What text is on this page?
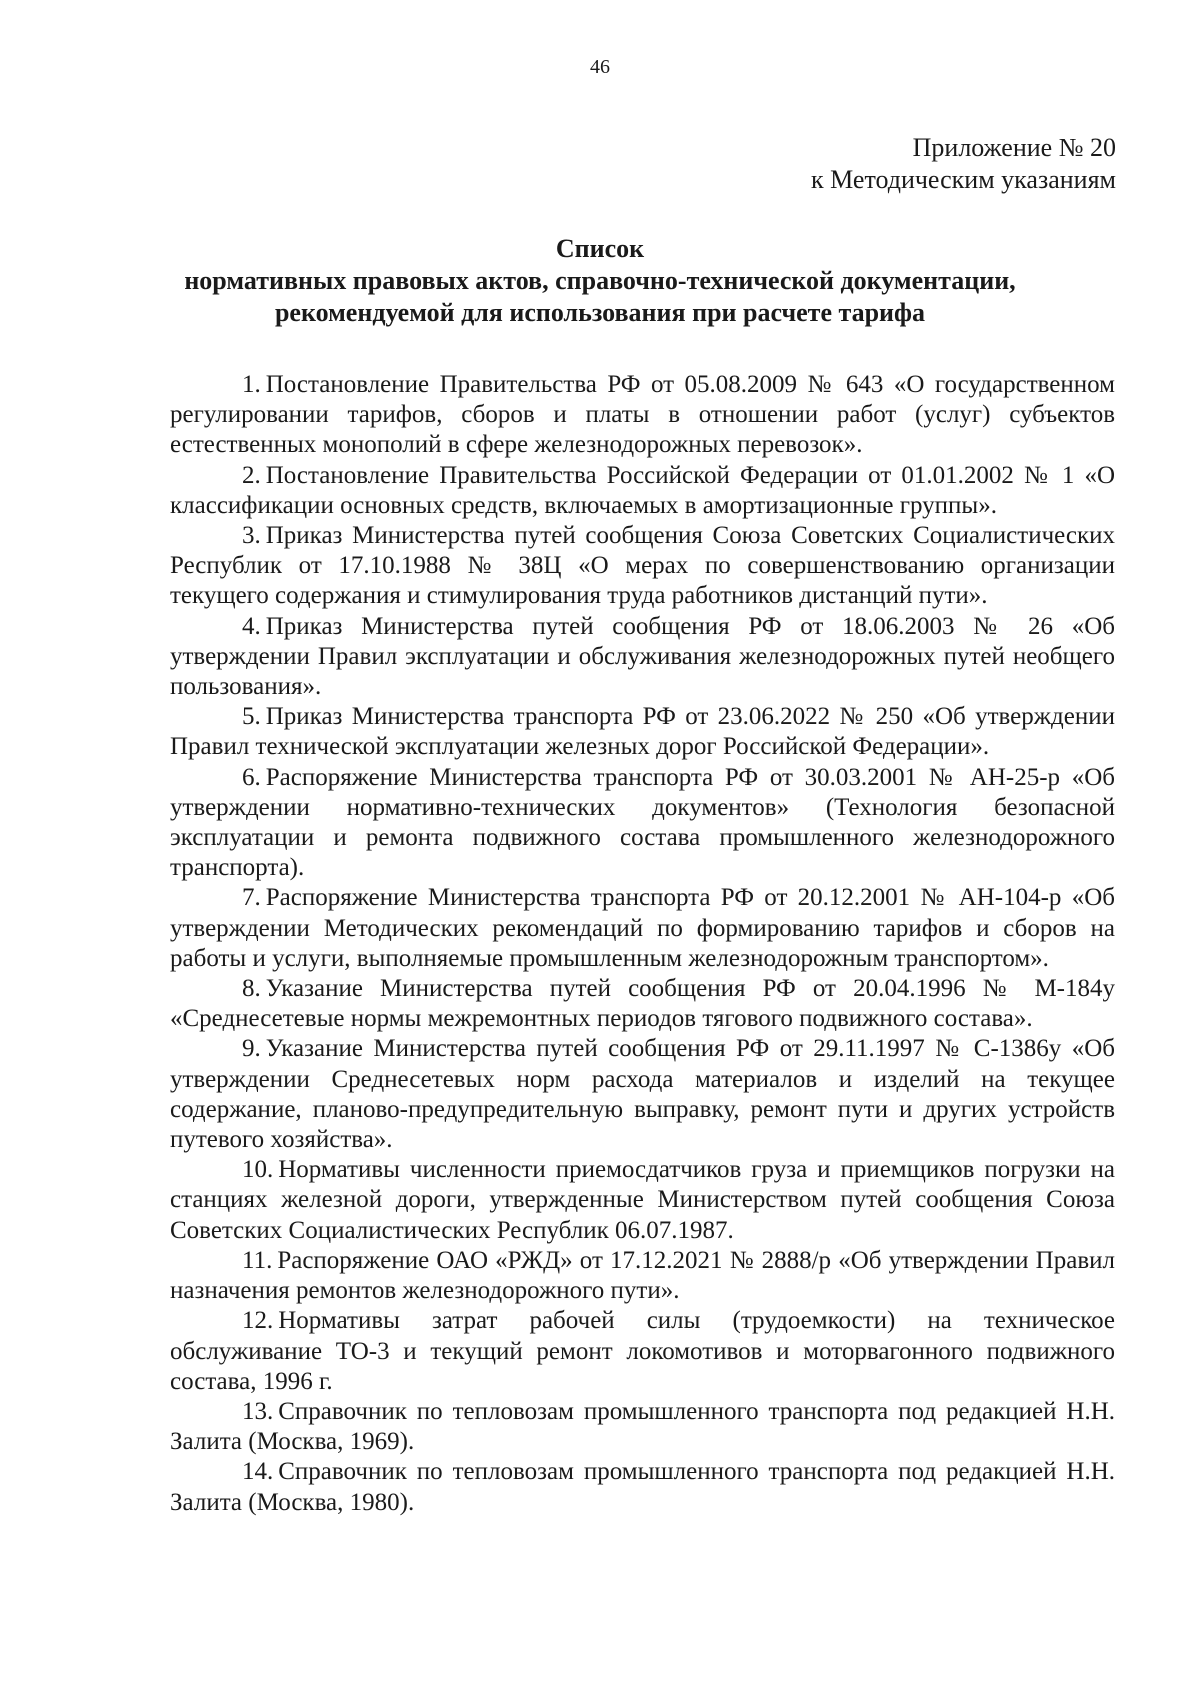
46
Приложение № 20
к Методическим указаниям
Список
нормативных правовых актов, справочно-технической документации,
рекомендуемой для использования при расчете тарифа

1. Постановление Правительства РФ от 05.08.2009 № 643 «О государственном регулировании тарифов, сборов и платы в отношении работ (услуг) субъектов естественных монополий в сфере железнодорожных перевозок».

2. Постановление Правительства Российской Федерации от 01.01.2002 № 1 «О классификации основных средств, включаемых в амортизационные группы».

3. Приказ Министерства путей сообщения Союза Советских Социалистических Республик от 17.10.1988 № 38Ц «О мерах по совершенствованию организации текущего содержания и стимулирования труда работников дистанций пути».

4. Приказ Министерства путей сообщения РФ от 18.06.2003 № 26 «Об утверждении Правил эксплуатации и обслуживания железнодорожных путей необщего пользования».

5. Приказ Министерства транспорта РФ от 23.06.2022 № 250 «Об утверждении Правил технической эксплуатации железных дорог Российской Федерации».

6. Распоряжение Министерства транспорта РФ от 30.03.2001 № АН-25-р «Об утверждении нормативно-технических документов» (Технология безопасной эксплуатации и ремонта подвижного состава промышленного железнодорожного транспорта).

7. Распоряжение Министерства транспорта РФ от 20.12.2001 № АН-104-р «Об утверждении Методических рекомендаций по формированию тарифов и сборов на работы и услуги, выполняемые промышленным железнодорожным транспортом».

8. Указание Министерства путей сообщения РФ от 20.04.1996 № М-184у «Среднесетевые нормы межремонтных периодов тягового подвижного состава».

9. Указание Министерства путей сообщения РФ от 29.11.1997 № С-1386у «Об утверждении Среднесетевых норм расхода материалов и изделий на текущее содержание, планово-предупредительную выправку, ремонт пути и других устройств путевого хозяйства».

10. Нормативы численности приемосдатчиков груза и приемщиков погрузки на станциях железной дороги, утвержденные Министерством путей сообщения Союза Советских Социалистических Республик 06.07.1987.

11. Распоряжение ОАО «РЖД» от 17.12.2021 № 2888/р «Об утверждении Правил назначения ремонтов железнодорожного пути».

12. Нормативы затрат рабочей силы (трудоемкости) на техническое обслуживание ТО-3 и текущий ремонт локомотивов и моторвагонного подвижного состава, 1996 г.

13. Справочник по тепловозам промышленного транспорта под редакцией Н.Н. Залита (Москва, 1969).

14. Справочник по тепловозам промышленного транспорта под редакцией Н.Н. Залита (Москва, 1980).
